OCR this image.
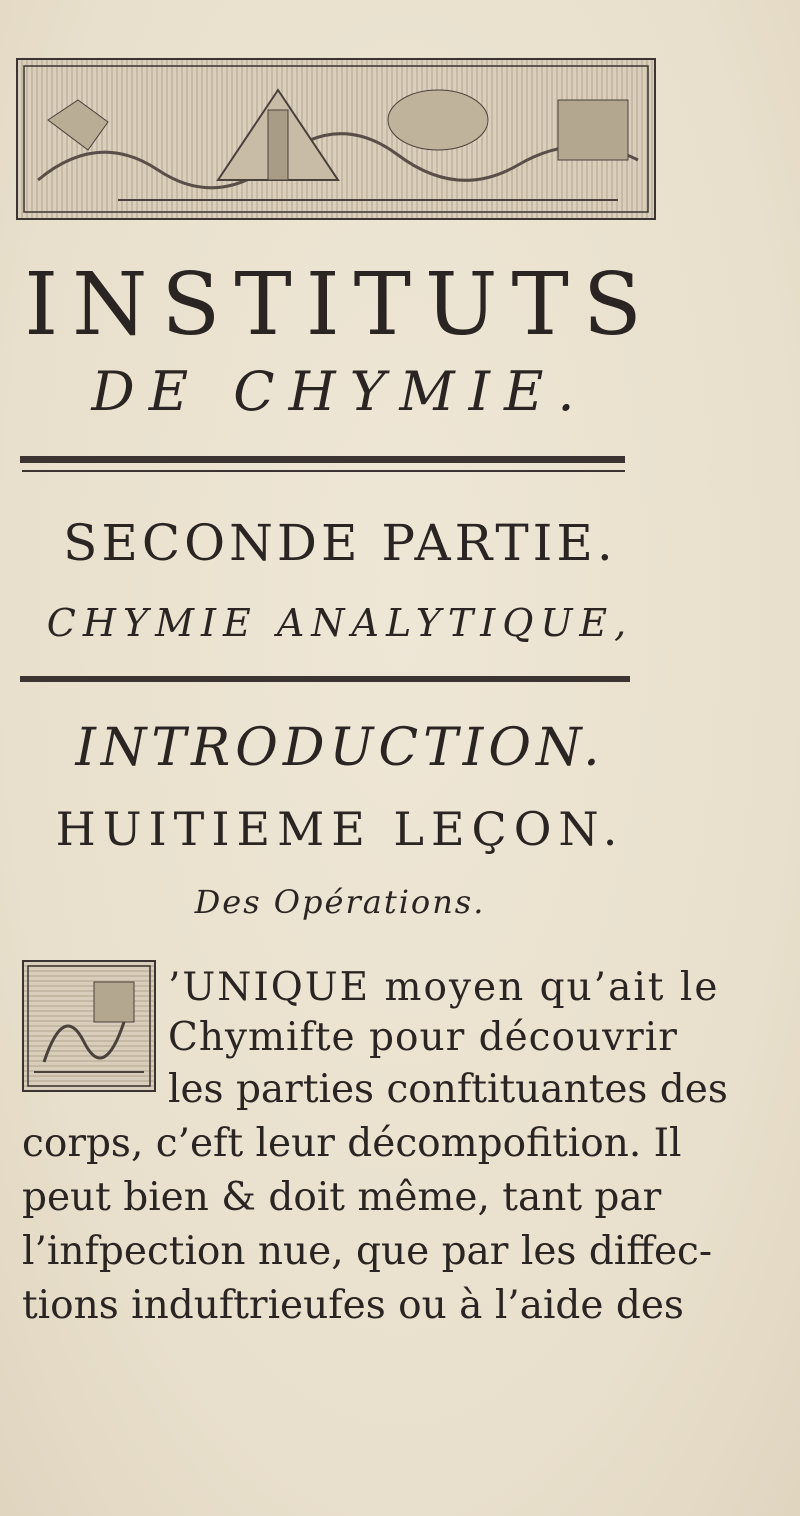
INSTITUTS
DE CHYMIE.
SECONDE PARTIE.
CHYMIE ANALYTIQUE,
INTRODUCTION.
HUITIEME LEÇON.
Des Opérations.
’UNIQUE moyen qu’ait le
Chymifte pour découvrir
les parties conftituantes des
corps, c’eft leur décompofition. Il
peut bien & doit même, tant par
l’infpection nue, que par les diffec-
tions induftrieufes ou à l’aide des
